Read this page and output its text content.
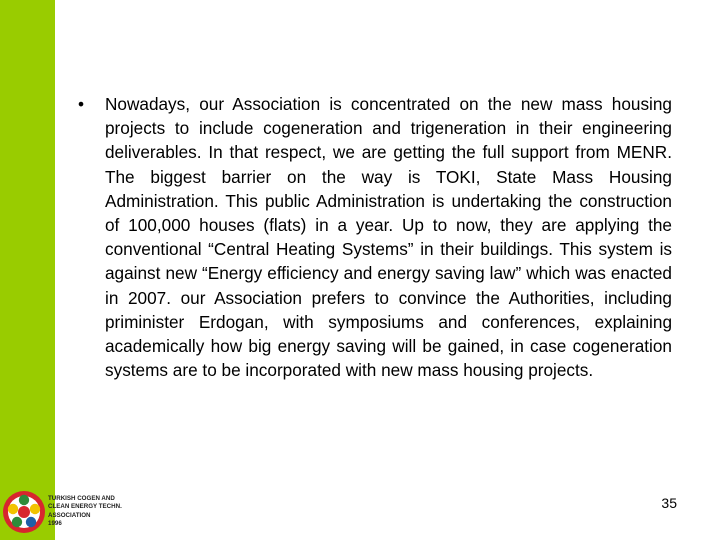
•	Nowadays, our Association is concentrated on the new mass housing projects to include cogeneration and trigeneration in their engineering deliverables. In that respect, we are getting the full support from MENR. The biggest barrier on the way is TOKI, State Mass Housing Administration. This public Administration is undertaking the construction of 100,000 houses (flats) in a year. Up to now, they are applying the conventional “Central Heating Systems” in their buildings. This system is against new “Energy efficiency and energy saving law” which was enacted in 2007. our Association prefers to convince the Authorities, including priminister Erdogan, with symposiums and conferences, explaining academically how big energy saving will be gained, in case cogeneration systems are to be incorporated with new mass housing projects.
TURKISH COGEN AND
CLEAN ENERGY TECHN.
ASSOCIATION
1996
35
